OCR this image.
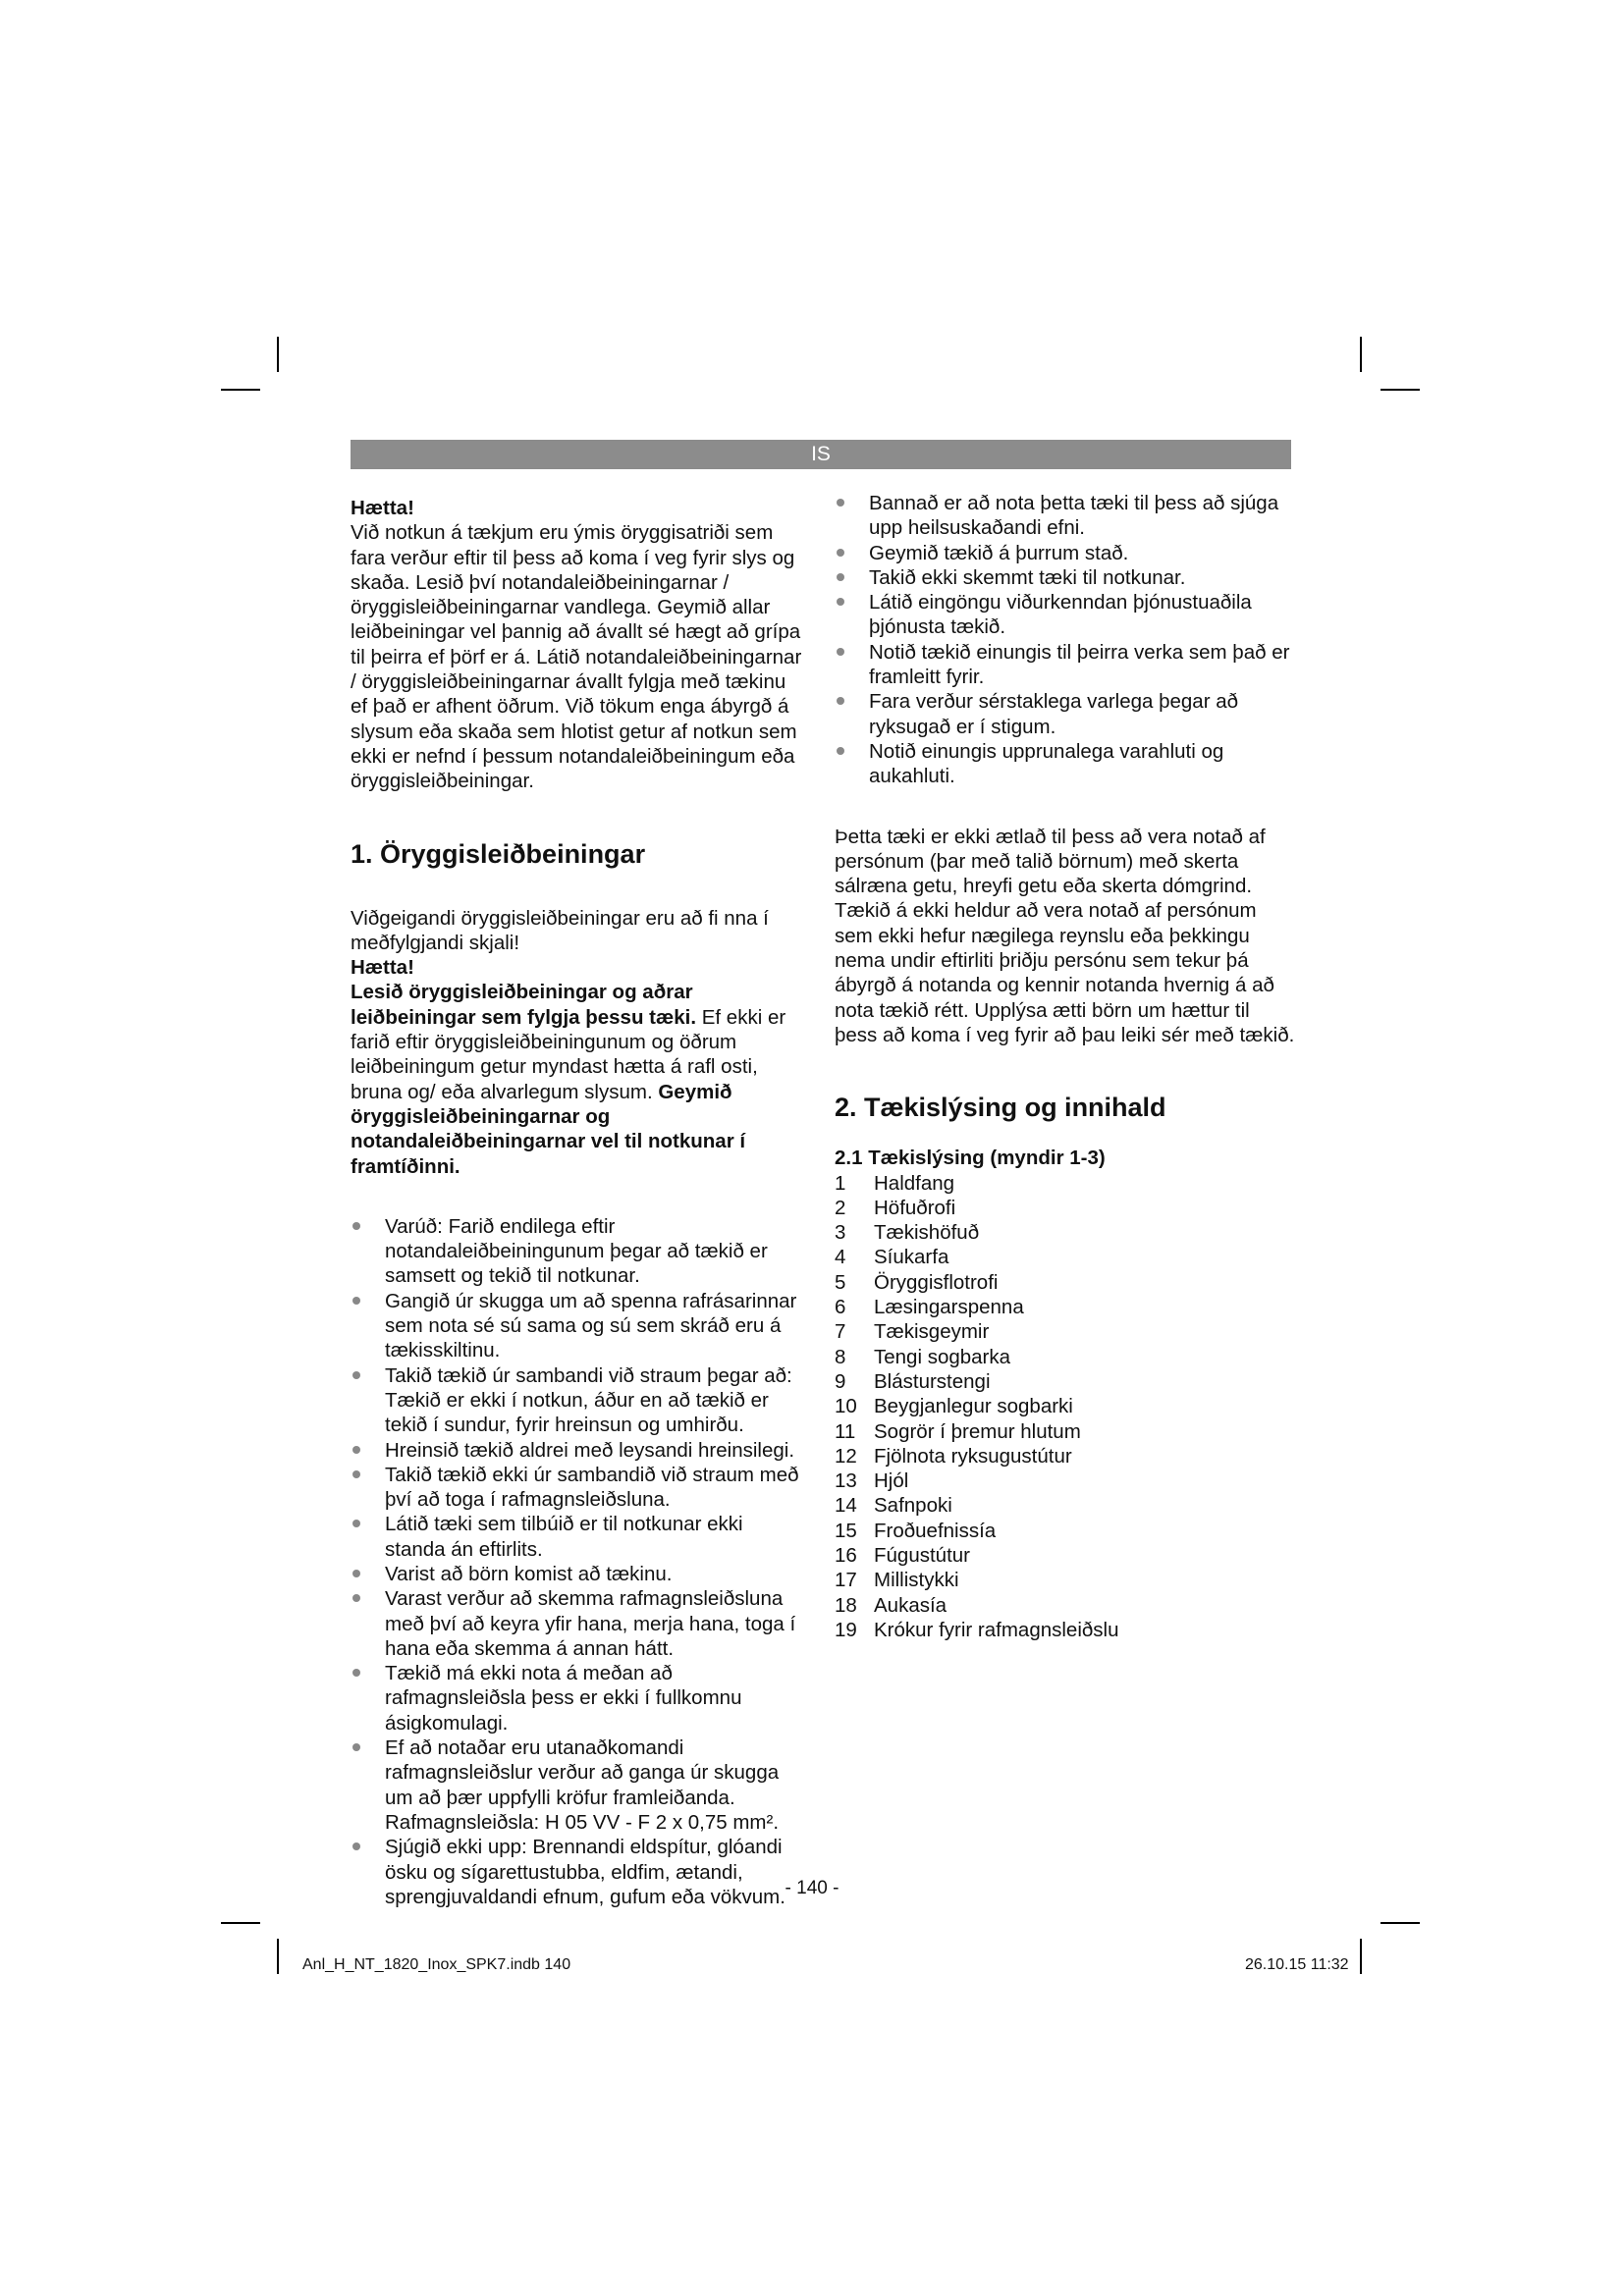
IS

Hætta!

Við notkun á tækjum eru ýmis öryggisatriði sem fara verður eftir til þess að koma í veg fyrir slys og skaða. Lesið því notandaleiðbeiningarnar / öryggisleiðbeiningarnar vandlega. Geymið allar leiðbeiningar vel þannig að ávallt sé hægt að grípa til þeirra ef þörf er á. Látið notandaleiðbeiningarnar / öryggisleiðbeiningarnar ávallt fylgja með tækinu ef það er afhent öðrum. Við tökum enga ábyrgð á slysum eða skaða sem hlotist getur af notkun sem ekki er nefnd í þessum notandaleiðbeiningum eða öryggisleiðbeiningar.

1. Öryggisleiðbeiningar

Viðgeigandi öryggisleiðbeiningar eru að fi nna í meðfylgjandi skjali!

Hætta!

Lesið öryggisleiðbeiningar og aðrar leiðbeiningar sem fylgja þessu tæki. Ef ekki er farið eftir öryggisleiðbeiningunum og öðrum leiðbeiningum getur myndast hætta á rafl osti, bruna og/ eða alvarlegum slysum. Geymið öryggisleiðbeiningarnar og notandaleiðbeiningarnar vel til notkunar í framtíðinni.

Varúð: Farið endilega eftir notandaleiðbeiningunum þegar að tækið er samsett og tekið til notkunar.
Gangið úr skugga um að spenna rafrásarinnar sem nota sé sú sama og sú sem skráð eru á tækisskiltinu.
Takið tækið úr sambandi við straum þegar að: Tækið er ekki í notkun, áður en að tækið er tekið í sundur, fyrir hreinsun og umhirðu.
Hreinsið tækið aldrei með leysandi hreinsilegi.
Takið tækið ekki úr sambandið við straum með því að toga í rafmagnsleiðsluna.
Látið tæki sem tilbúið er til notkunar ekki standa án eftirlits.
Varist að börn komist að tækinu.
Varast verður að skemma rafmagnsleiðsluna með því að keyra yfir hana, merja hana, toga í hana eða skemma á annan hátt.
Tækið má ekki nota á meðan að rafmagnsleiðsla þess er ekki í fullkomnu ásigkomulagi.
Ef að notaðar eru utanaðkomandi rafmagnsleiðslur verður að ganga úr skugga um að þær uppfylli kröfur framleiðanda. Rafmagnsleiðsla: H 05 VV - F 2 x 0,75 mm².
Sjúgið ekki upp: Brennandi eldspítur, glóandi ösku og sígarettustubba, eldfim, ætandi, sprengjuvaldandi efnum, gufum eða vökvum.
Bannað er að nota þetta tæki til þess að sjúga upp heilsuskaðandi efni.
Geymið tækið á þurrum stað.
Takið ekki skemmt tæki til notkunar.
Látið eingöngu viðurkenndan þjónustuaðila þjónusta tækið.
Notið tækið einungis til þeirra verka sem það er framleitt fyrir.
Fara verður sérstaklega varlega þegar að ryksugað er í stigum.
Notið einungis upprunalega varahluti og aukahluti.

Þetta tæki er ekki ætlað til þess að vera notað af persónum (þar með talið börnum) með skerta sálræna getu, hreyfi getu eða skerta dómgrind. Tækið á ekki heldur að vera notað af persónum sem ekki hefur nægilega reynslu eða þekkingu nema undir eftirliti þriðju persónu sem tekur þá ábyrgð á notanda og kennir notanda hvernig á að nota tækið rétt. Upplýsa ætti börn um hættur til þess að koma í veg fyrir að þau leiki sér með tækið.

2. Tækislýsing og innihald

2.1 Tækislýsing (myndir 1-3)

1	Haldfang
2	Höfuðrofi
3	Tækishöfuð
4	Síukarfa
5	Öryggisflotrofi
6	Læsingarspenna
7	Tækisgeymir
8	Tengi sogbarka
9	Blásturstengi
10 Beygjanlegur sogbarki
11 Sogrör í þremur hlutum
12 Fjölnota ryksugustútur
13 Hjól
14 Safnpoki
15 Froðuefnissía
16 Fúgustútur
17 Millistykki
18 Aukasía
19 Krókur fyrir rafmagnsleiðslu
- 140 -
Anl_H_NT_1820_Inox_SPK7.indb 140	26.10.15 11:32
